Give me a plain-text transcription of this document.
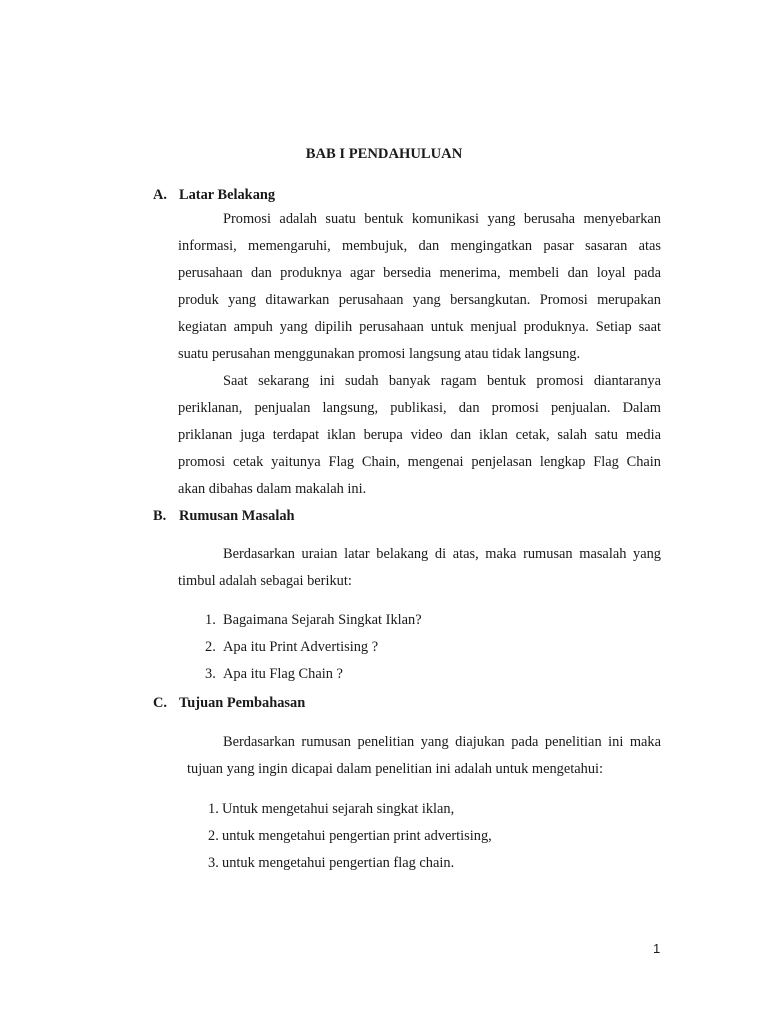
BAB I PENDAHULUAN
A. Latar Belakang
Promosi adalah suatu bentuk komunikasi yang berusaha menyebarkan
informasi, memengaruhi, membujuk, dan mengingatkan pasar sasaran atas
perusahaan dan produknya agar bersedia menerima, membeli dan loyal pada
produk yang ditawarkan perusahaan yang bersangkutan. Promosi merupakan
kegiatan ampuh yang dipilih perusahaan untuk menjual produknya. Setiap saat
suatu perusahan menggunakan promosi langsung atau tidak langsung.
Saat sekarang ini sudah banyak ragam bentuk promosi diantaranya
periklanan, penjualan langsung, publikasi, dan promosi penjualan. Dalam
priklanan juga terdapat iklan berupa video dan iklan cetak, salah satu media
promosi cetak yaitunya Flag Chain, mengenai penjelasan lengkap Flag Chain
akan dibahas dalam makalah ini.
B. Rumusan Masalah
Berdasarkan uraian latar belakang di atas, maka rumusan masalah yang
timbul adalah sebagai berikut:
1. Bagaimana Sejarah Singkat Iklan?
2. Apa itu Print Advertising ?
3. Apa itu Flag Chain ?
C. Tujuan Pembahasan
Berdasarkan rumusan penelitian yang diajukan pada penelitian ini maka
tujuan yang ingin dicapai dalam penelitian ini adalah untuk mengetahui:
1. Untuk mengetahui sejarah singkat iklan,
2. untuk mengetahui pengertian print advertising,
3. untuk mengetahui pengertian flag chain.
1
